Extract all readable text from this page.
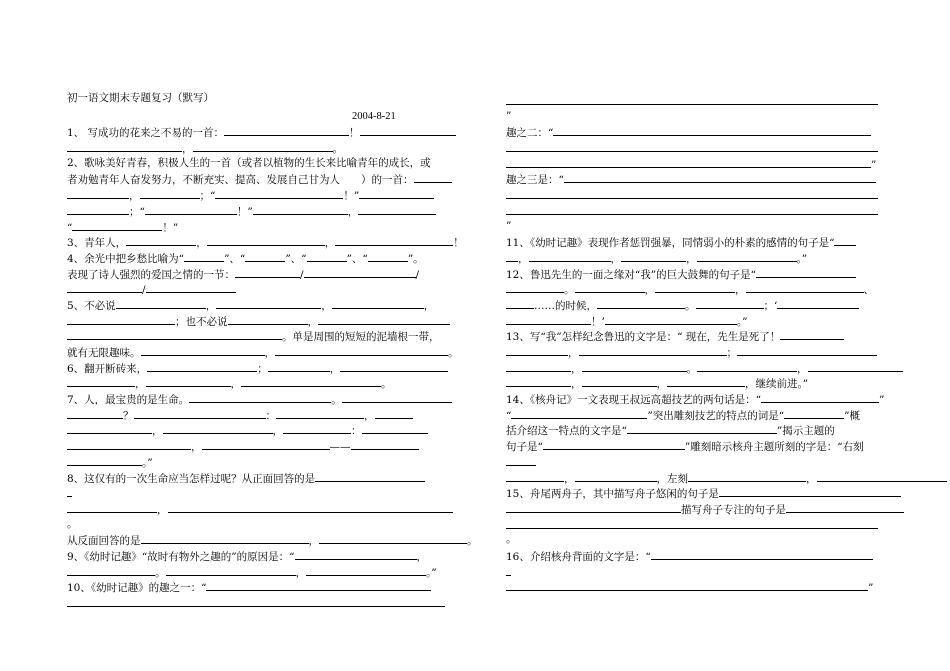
初一语文期末专题复习（默写）
2004-8-21
1、 写成功的花来之不易的一首：	！
，	。
2、歌咏美好青春，积极人生的一首（或者以植物的生长来比喻青年的成长，或
者劝勉青年人奋发努力，不断充实、提高、发展自己甘为人　　）的一首：
，	；“	！”
；“	！”	，
“	！”
3、青年人，	，	，	！
4、余光中把乡愁比喻为“	”、“	”、“	”、“	”。
表现了诗人强烈的爱国之情的一节：	/	/
/
5、不必说	，	，	，
；也不必说	，
。单是周围的短短的泥墙根一带，
就有无限趣味。	，	。
6、翻开断砖来，	；	，
，	，	。
7、人，最宝贵的是生命。	。
？	：	，
，	，	：
，	——
。”
8、这仅有的一次生命应当怎样过呢？从正面回答的是
，
。
从反面回答的是	，	。
9、《幼时记趣》“故时有物外之趣的”的原因是：“	，
。	，	。”
10、《幼时记趣》的趣之一：“
”
趣之二：“
”
趣之三是：“
”
11、《幼时记趣》表现作者惩罚强暴，同情弱小的朴素的感情的句子是“
，	，	，	。”
12、鲁迅先生的一面之缘对“我”的巨大鼓舞的句子是“
。	，	，	、
……的时候，	。	；‘
！’	。”
13、写“我”怎样纪念鲁迅的文字是：“ 现在，先生是死了！
，	；
，	。	，
，	，	，继续前进。”
14、《核舟记》一文表现王叔远高超技艺的两句话是：“	”
“	”突出雕刻技艺的特点的词是“	”概
括介绍这一特点的文字是“	”揭示主题的
句子是“	”雕刻暗示核舟主题所刻的字是：“右刻
，	，左刻	，
15、舟尾两舟子，其中描写舟子悠闲的句子是
描写舟子专注的句子是
。
16、介绍核舟背面的文字是：“
”
